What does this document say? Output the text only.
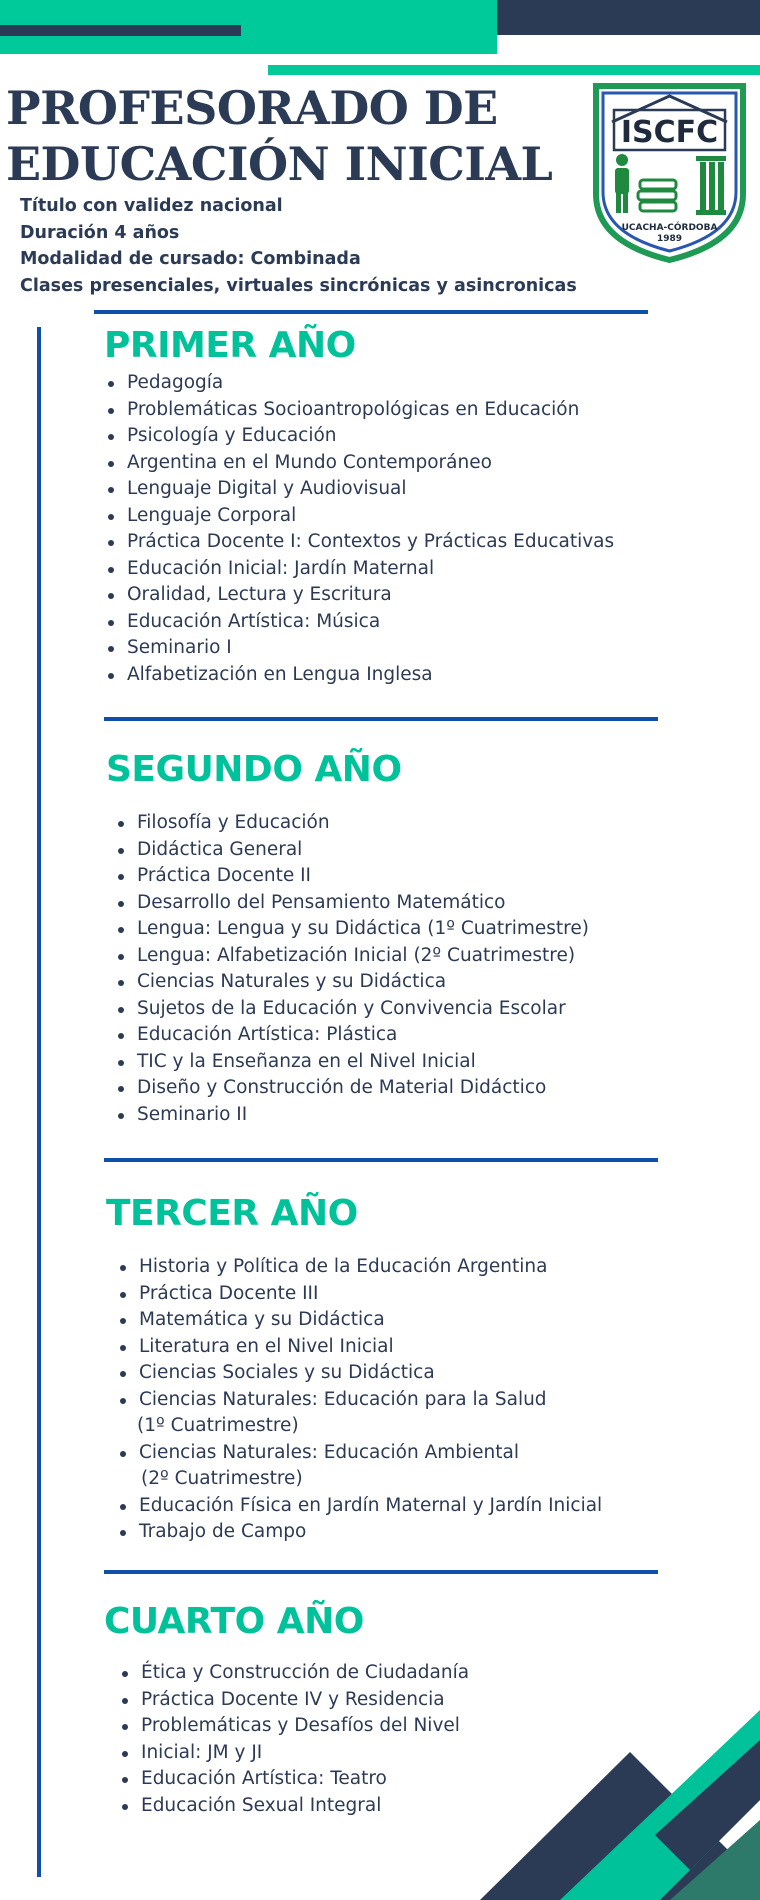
PROFESORADO DE
EDUCACIÓN INICIAL
Título con validez nacional
Duración 4 años
Modalidad de cursado: Combinada
Clases presenciales, virtuales sincrónicas y asincronicas
ISCFC
UCACHA-CÓRDOBA
1989
PRIMER AÑO
Pedagogía
Problemáticas Socioantropológicas en Educación
Psicología y Educación
Argentina en el Mundo Contemporáneo
Lenguaje Digital y Audiovisual
Lenguaje Corporal
Práctica Docente I: Contextos y Prácticas Educativas
Educación Inicial: Jardín Maternal
Oralidad, Lectura y Escritura
Educación Artística: Música
Seminario I
Alfabetización en Lengua Inglesa
SEGUNDO AÑO
Filosofía y Educación
Didáctica General
Práctica Docente II
Desarrollo del Pensamiento Matemático
Lengua: Lengua y su Didáctica (1º Cuatrimestre)
Lengua: Alfabetización Inicial (2º Cuatrimestre)
Ciencias Naturales y su Didáctica
Sujetos de la Educación y Convivencia Escolar
Educación Artística: Plástica
TIC y la Enseñanza en el Nivel Inicial
Diseño y Construcción de Material Didáctico
Seminario II
TERCER AÑO
Historia y Política de la Educación Argentina
Práctica Docente III
Matemática y su Didáctica
Literatura en el Nivel Inicial
Ciencias Sociales y su Didáctica
Ciencias Naturales: Educación para la Salud
(1º Cuatrimestre)
Ciencias Naturales: Educación Ambiental
(2º Cuatrimestre)
Educación Física en Jardín Maternal y Jardín Inicial
Trabajo de Campo
CUARTO AÑO
Ética y Construcción de Ciudadanía
Práctica Docente IV y Residencia
Problemáticas y Desafíos del Nivel
Inicial: JM y JI
Educación Artística: Teatro
Educación Sexual Integral
